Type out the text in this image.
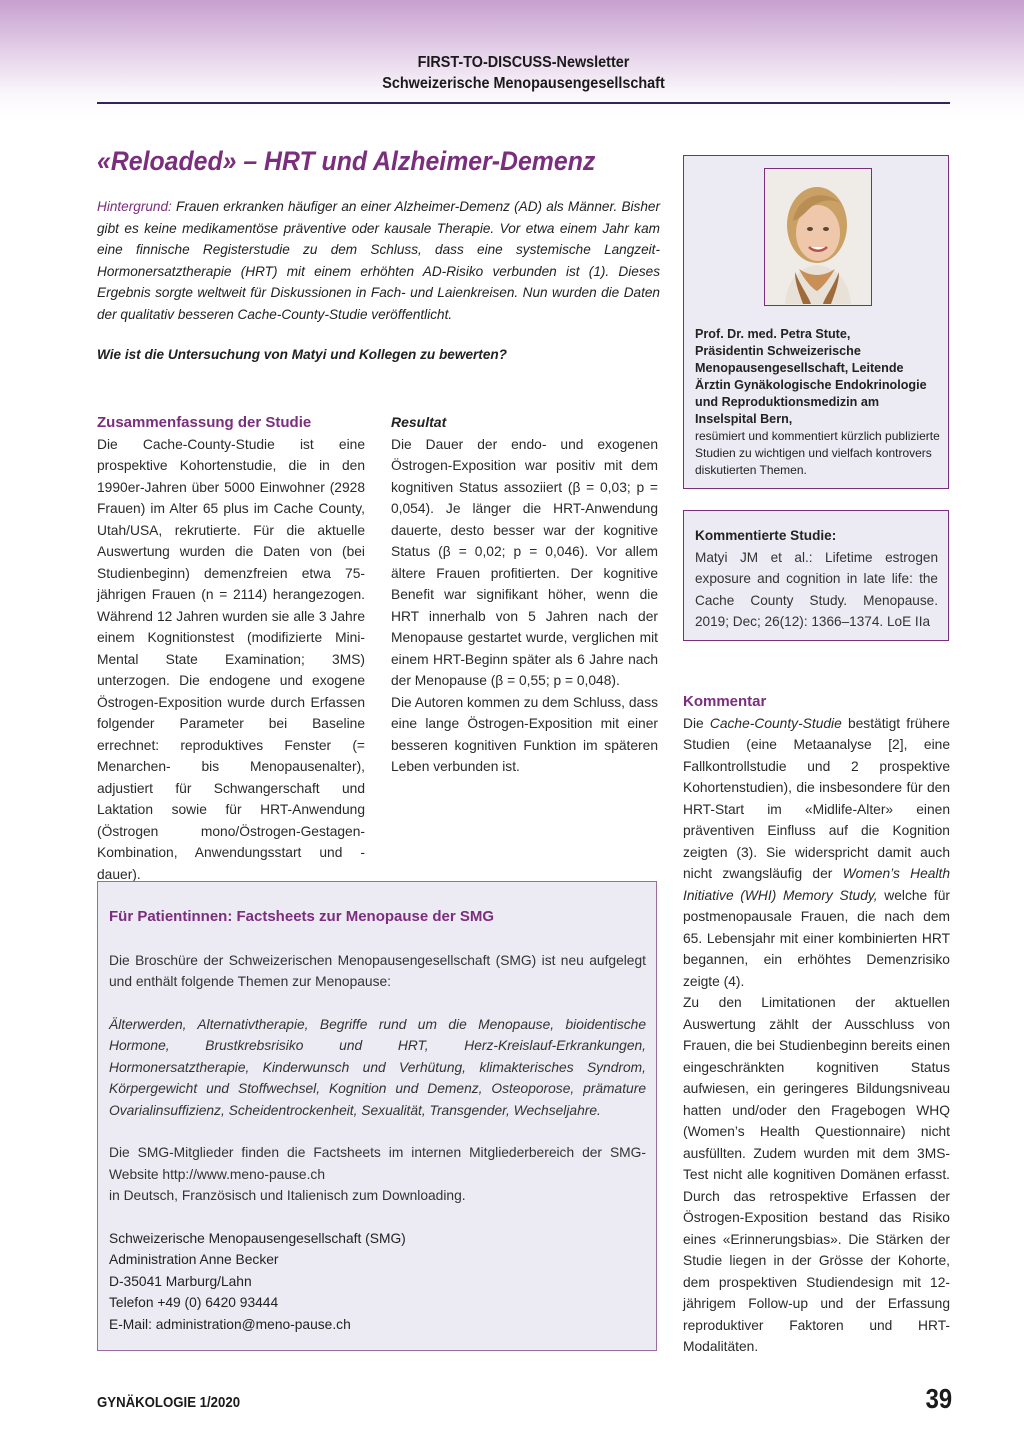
FIRST-TO-DISCUSS-Newsletter
Schweizerische Menopausengesellschaft
«Reloaded» – HRT und Alzheimer-Demenz
Hintergrund: Frauen erkranken häufiger an einer Alzheimer-Demenz (AD) als Männer. Bisher gibt es keine medikamentöse präventive oder kausale Therapie. Vor etwa einem Jahr kam eine finnische Registerstudie zu dem Schluss, dass eine systemische Langzeit-Hormonersatztherapie (HRT) mit einem erhöhten AD-Risiko verbunden ist (1). Dieses Ergebnis sorgte weltweit für Diskussionen in Fach- und Laienkreisen. Nun wurden die Daten der qualitativ besseren Cache-County-Studie veröffentlicht.
Wie ist die Untersuchung von Matyi und Kollegen zu bewerten?

Zusammenfassung der Studie

Die Cache-County-Studie ist eine prospektive Kohortenstudie, die in den 1990er-Jahren über 5000 Einwohner (2928 Frauen) im Alter 65 plus im Cache County, Utah/USA, rekrutierte. Für die aktuelle Auswertung wurden die Daten von (bei Studienbeginn) demenzfreien etwa 75-jährigen Frauen (n = 2114) herangezogen. Während 12 Jahren wurden sie alle 3 Jahre einem Kognitionstest (modifizierte Mini-Mental State Examination; 3MS) unterzogen. Die endogene und exogene Östrogen-Exposition wurde durch Erfassen folgender Parameter bei Baseline errechnet: reproduktives Fenster (= Menarchen- bis Menopausenalter), adjustiert für Schwangerschaft und Laktation sowie für HRT-Anwendung (Östrogen mono/Östrogen-Gestagen-Kombination, Anwendungsstart und -dauer).

Resultat

Die Dauer der endo- und exogenen Östrogen-Exposition war positiv mit dem kognitiven Status assoziiert (β = 0,03; p = 0,054). Je länger die HRT-Anwendung dauerte, desto besser war der kognitive Status (β = 0,02; p = 0,046). Vor allem ältere Frauen profitierten. Der kognitive Benefit war signifikant höher, wenn die HRT innerhalb von 5 Jahren nach der Menopause gestartet wurde, verglichen mit einem HRT-Beginn später als 6 Jahre nach der Menopause (β = 0,55; p = 0,048).

Die Autoren kommen zu dem Schluss, dass eine lange Östrogen-Exposition mit einer besseren kognitiven Funktion im späteren Leben verbunden ist.

Prof. Dr. med. Petra Stute,
Präsidentin Schweizerische Menopausengesellschaft, Leitende Ärztin Gynäkologische Endokrinologie und Reproduktionsmedizin am Inselspital Bern,
resümiert und kommentiert kürzlich publizierte Studien zu wichtigen und vielfach kontrovers diskutierten Themen.
Kommentierte Studie:
Matyi JM et al.: Lifetime estrogen exposure and cognition in late life: the Cache County Study. Menopause. 2019; Dec; 26(12): 1366–1374. LoE IIa

Kommentar

Die Cache-County-Studie bestätigt frühere Studien (eine Metaanalyse [2], eine Fallkontrollstudie und 2 prospektive Kohortenstudien), die insbesondere für den HRT-Start im «Midlife-Alter» einen präventiven Einfluss auf die Kognition zeigten (3). Sie widerspricht damit auch nicht zwangsläufig der Women’s Health Initiative (WHI) Memory Study, welche für postmenopausale Frauen, die nach dem 65. Lebensjahr mit einer kombinierten HRT begannen, ein erhöhtes Demenzrisiko zeigte (4).

Zu den Limitationen der aktuellen Auswertung zählt der Ausschluss von Frauen, die bei Studienbeginn bereits einen eingeschränkten kognitiven Status aufwiesen, ein geringeres Bildungsniveau hatten und/oder den Fragebogen WHQ (Women’s Health Questionnaire) nicht ausfüllten. Zudem wurden mit dem 3MS-Test nicht alle kognitiven Domänen erfasst. Durch das retrospektive Erfassen der Östrogen-Exposition bestand das Risiko eines «Erinnerungsbias». Die Stärken der Studie liegen in der Grösse der Kohorte, dem prospektiven Studiendesign mit 12-jährigem Follow-up und der Erfassung reproduktiver Faktoren und HRT-Modalitäten.

Für Patientinnen: Factsheets zur Menopause der SMG

Die Broschüre der Schweizerischen Menopausengesellschaft (SMG) ist neu aufgelegt und enthält folgende Themen zur Menopause:

Älterwerden, Alternativtherapie, Begriffe rund um die Menopause, bioidentische Hormone, Brustkrebsrisiko und HRT, Herz-Kreislauf-Erkrankungen, Hormonersatztherapie, Kinderwunsch und Verhütung, klimakterisches Syndrom, Körpergewicht und Stoffwechsel, Kognition und Demenz, Osteoporose, prämature Ovarialinsuffizienz, Scheidentrockenheit, Sexualität, Transgender, Wechseljahre.

Die SMG-Mitglieder finden die Factsheets im internen Mitgliederbereich der SMG-Website http://www.meno-pause.ch
in Deutsch, Französisch und Italienisch zum Downloading.

Schweizerische Menopausengesellschaft (SMG)
Administration Anne Becker
D-35041 Marburg/Lahn
Telefon +49 (0) 6420 93444
E-Mail: administration@meno-pause.ch
GYNÄKOLOGIE 1/2020	39
